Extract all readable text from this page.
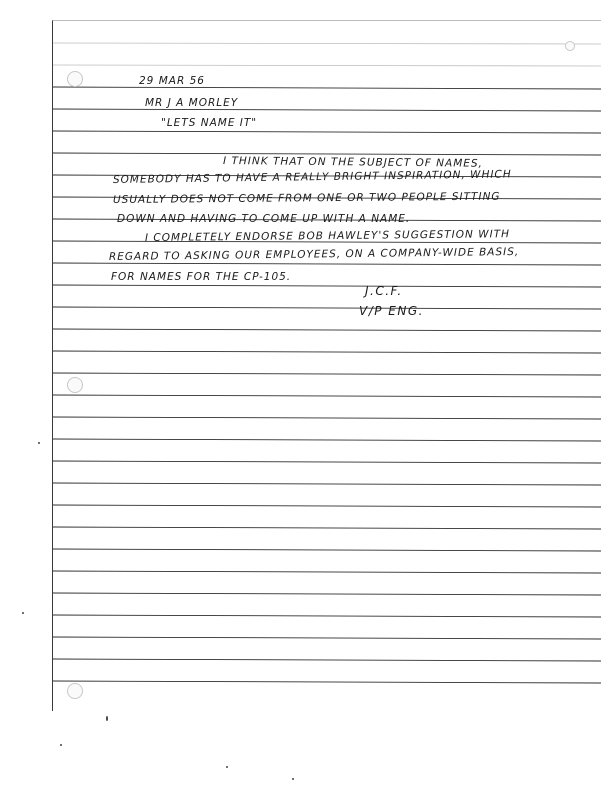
29 MAR 56
MR J A MORLEY
"LETS NAME IT"
I THINK THAT ON THE SUBJECT OF NAMES,
SOMEBODY HAS TO HAVE A REALLY BRIGHT INSPIRATION, WHICH
USUALLY DOES NOT COME FROM ONE OR TWO PEOPLE SITTING
DOWN AND HAVING TO COME UP WITH A NAME.
I COMPLETELY ENDORSE BOB HAWLEY'S SUGGESTION WITH
REGARD TO ASKING OUR EMPLOYEES, ON A COMPANY-WIDE BASIS,
FOR NAMES FOR THE CP-105.
J.C.F.
V/P ENG.
